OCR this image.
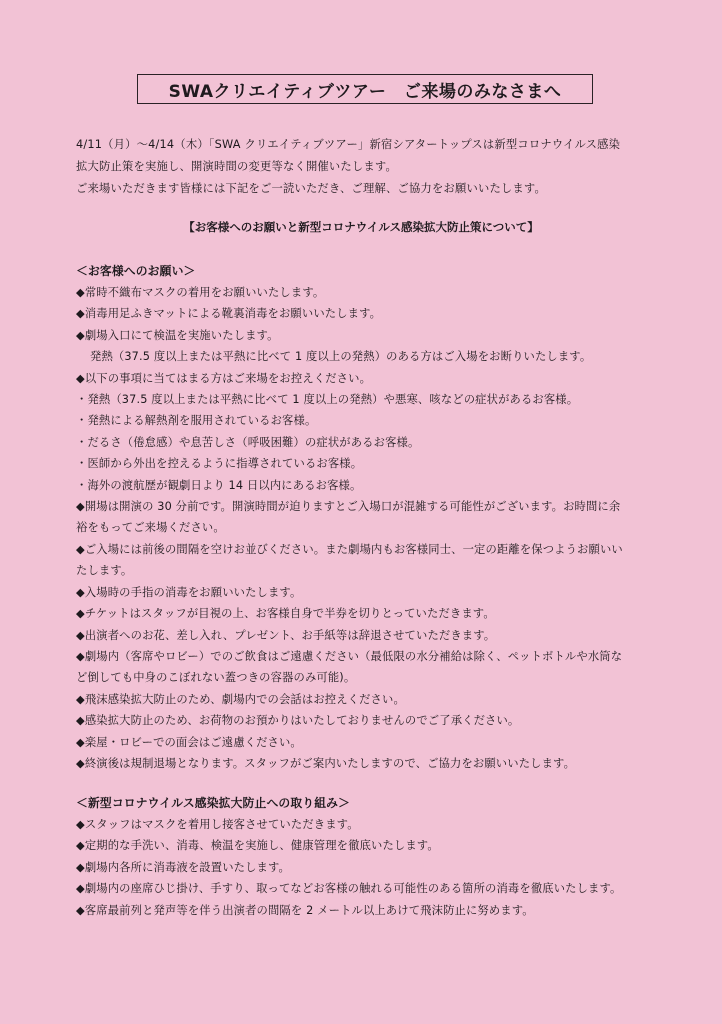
SWAクリエイティブツアー　ご来場のみなさまへ

4/11（月）～4/14（木）「SWA クリエイティブツアー」新宿シアタートップスは新型コロナウイルス感染

拡大防止策を実施し、開演時間の変更等なく開催いたします。

ご来場いただきます皆様には下記をご一読いただき、ご理解、ご協力をお願いいたします。

【お客様へのお願いと新型コロナウイルス感染拡大防止策について】
＜お客様へのお願い＞
◆常時不織布マスクの着用をお願いいたします。
◆消毒用足ふきマットによる靴裏消毒をお願いいたします。
◆劇場入口にて検温を実施いたします。
発熱（37.5 度以上または平熱に比べて 1 度以上の発熱）のある方はご入場をお断りいたします。
◆以下の事項に当てはまる方はご来場をお控えください。
・発熱（37.5 度以上または平熱に比べて 1 度以上の発熱）や悪寒、咳などの症状があるお客様。
・発熱による解熱剤を服用されているお客様。
・だるさ（倦怠感）や息苦しさ（呼吸困難）の症状があるお客様。
・医師から外出を控えるように指導されているお客様。
・海外の渡航歴が観劇日より 14 日以内にあるお客様。
◆開場は開演の 30 分前です。開演時間が迫りますとご入場口が混雑する可能性がございます。お時間に余
裕をもってご来場ください。
◆ご入場には前後の間隔を空けお並びください。また劇場内もお客様同士、一定の距離を保つようお願いい
たします。
◆入場時の手指の消毒をお願いいたします。
◆チケットはスタッフが目視の上、お客様自身で半券を切りとっていただきます。
◆出演者へのお花、差し入れ、プレゼント、お手紙等は辞退させていただきます。
◆劇場内（客席やロビー）でのご飲食はご遠慮ください（最低限の水分補給は除く、ペットボトルや水筒な
ど倒しても中身のこぼれない蓋つきの容器のみ可能)。
◆飛沫感染拡大防止のため、劇場内での会話はお控えください。
◆感染拡大防止のため、お荷物のお預かりはいたしておりませんのでご了承ください。
◆楽屋・ロビーでの面会はご遠慮ください。
◆終演後は規制退場となります。スタッフがご案内いたしますので、ご協力をお願いいたします。
＜新型コロナウイルス感染拡大防止への取り組み＞
◆スタッフはマスクを着用し接客させていただきます。
◆定期的な手洗い、消毒、検温を実施し、健康管理を徹底いたします。
◆劇場内各所に消毒液を設置いたします。
◆劇場内の座席ひじ掛け、手すり、取ってなどお客様の触れる可能性のある箇所の消毒を徹底いたします。
◆客席最前列と発声等を伴う出演者の間隔を 2 メートル以上あけて飛沫防止に努めます。
